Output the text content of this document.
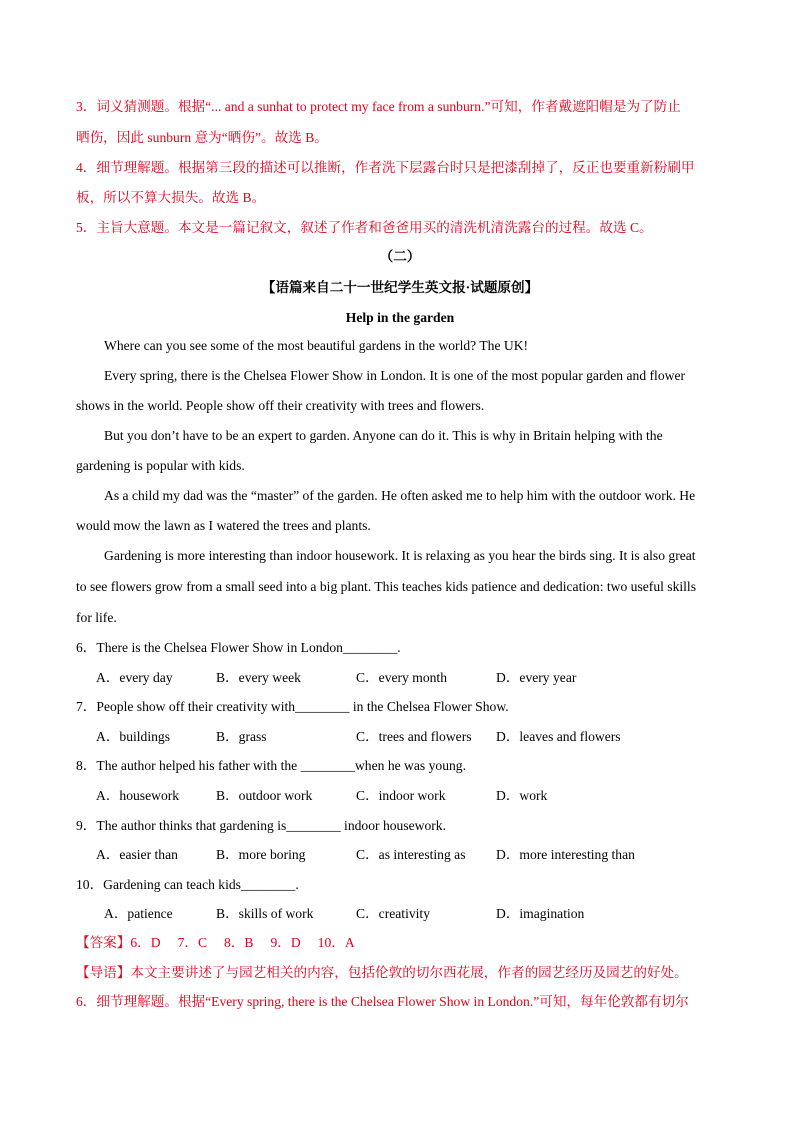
3．词义猜测题。根据“... and a sunhat to protect my face from a sunburn.”可知，作者戴遮阳帽是为了防止
晒伤，因此 sunburn 意为“晒伤”。故选 B。
4．细节理解题。根据第三段的描述可以推断，作者洗下层露台时只是把漆刮掉了，反正也要重新粉刷甲
板，所以不算大损失。故选 B。
5．主旨大意题。本文是一篇记叙文，叙述了作者和爸爸用买的清洗机清洗露台的过程。故选 C。
（二）
【语篇来自二十一世纪学生英文报·试题原创】
Help in the garden
Where can you see some of the most beautiful gardens in the world? The UK!
Every spring, there is the Chelsea Flower Show in London. It is one of the most popular garden and flower
shows in the world. People show off their creativity with trees and flowers.
But you don’t have to be an expert to garden. Anyone can do it. This is why in Britain helping with the
gardening is popular with kids.
As a child my dad was the “master” of the garden. He often asked me to help him with the outdoor work. He
would mow the lawn as I watered the trees and plants.
Gardening is more interesting than indoor housework. It is relaxing as you hear the birds sing. It is also great
to see flowers grow from a small seed into a big plant. This teaches kids patience and dedication: two useful skills
for life.
6．There is the Chelsea Flower Show in London________.
A．every day	B．every week	C．every month	D．every year
7．People show off their creativity with________ in the Chelsea Flower Show.
A．buildings	B．grass	C．trees and flowers D．leaves and flowers
8．The author helped his father with the ________when he was young.
A．housework	B．outdoor work	C．indoor work	D．work
9．The author thinks that gardening is________ indoor housework.
A．easier than	B．more boring	C．as interesting as D．more interesting than
10．Gardening can teach kids________.
A．patience	B．skills of work	C．creativity	D．imagination
【答案】6．D     7．C     8．B     9．D     10．A
【导语】本文主要讲述了与园艺相关的内容，包括伦敦的切尔西花展，作者的园艺经历及园艺的好处。
6．细节理解题。根据“Every spring, there is the Chelsea Flower Show in London.”可知，每年伦敦都有切尔
